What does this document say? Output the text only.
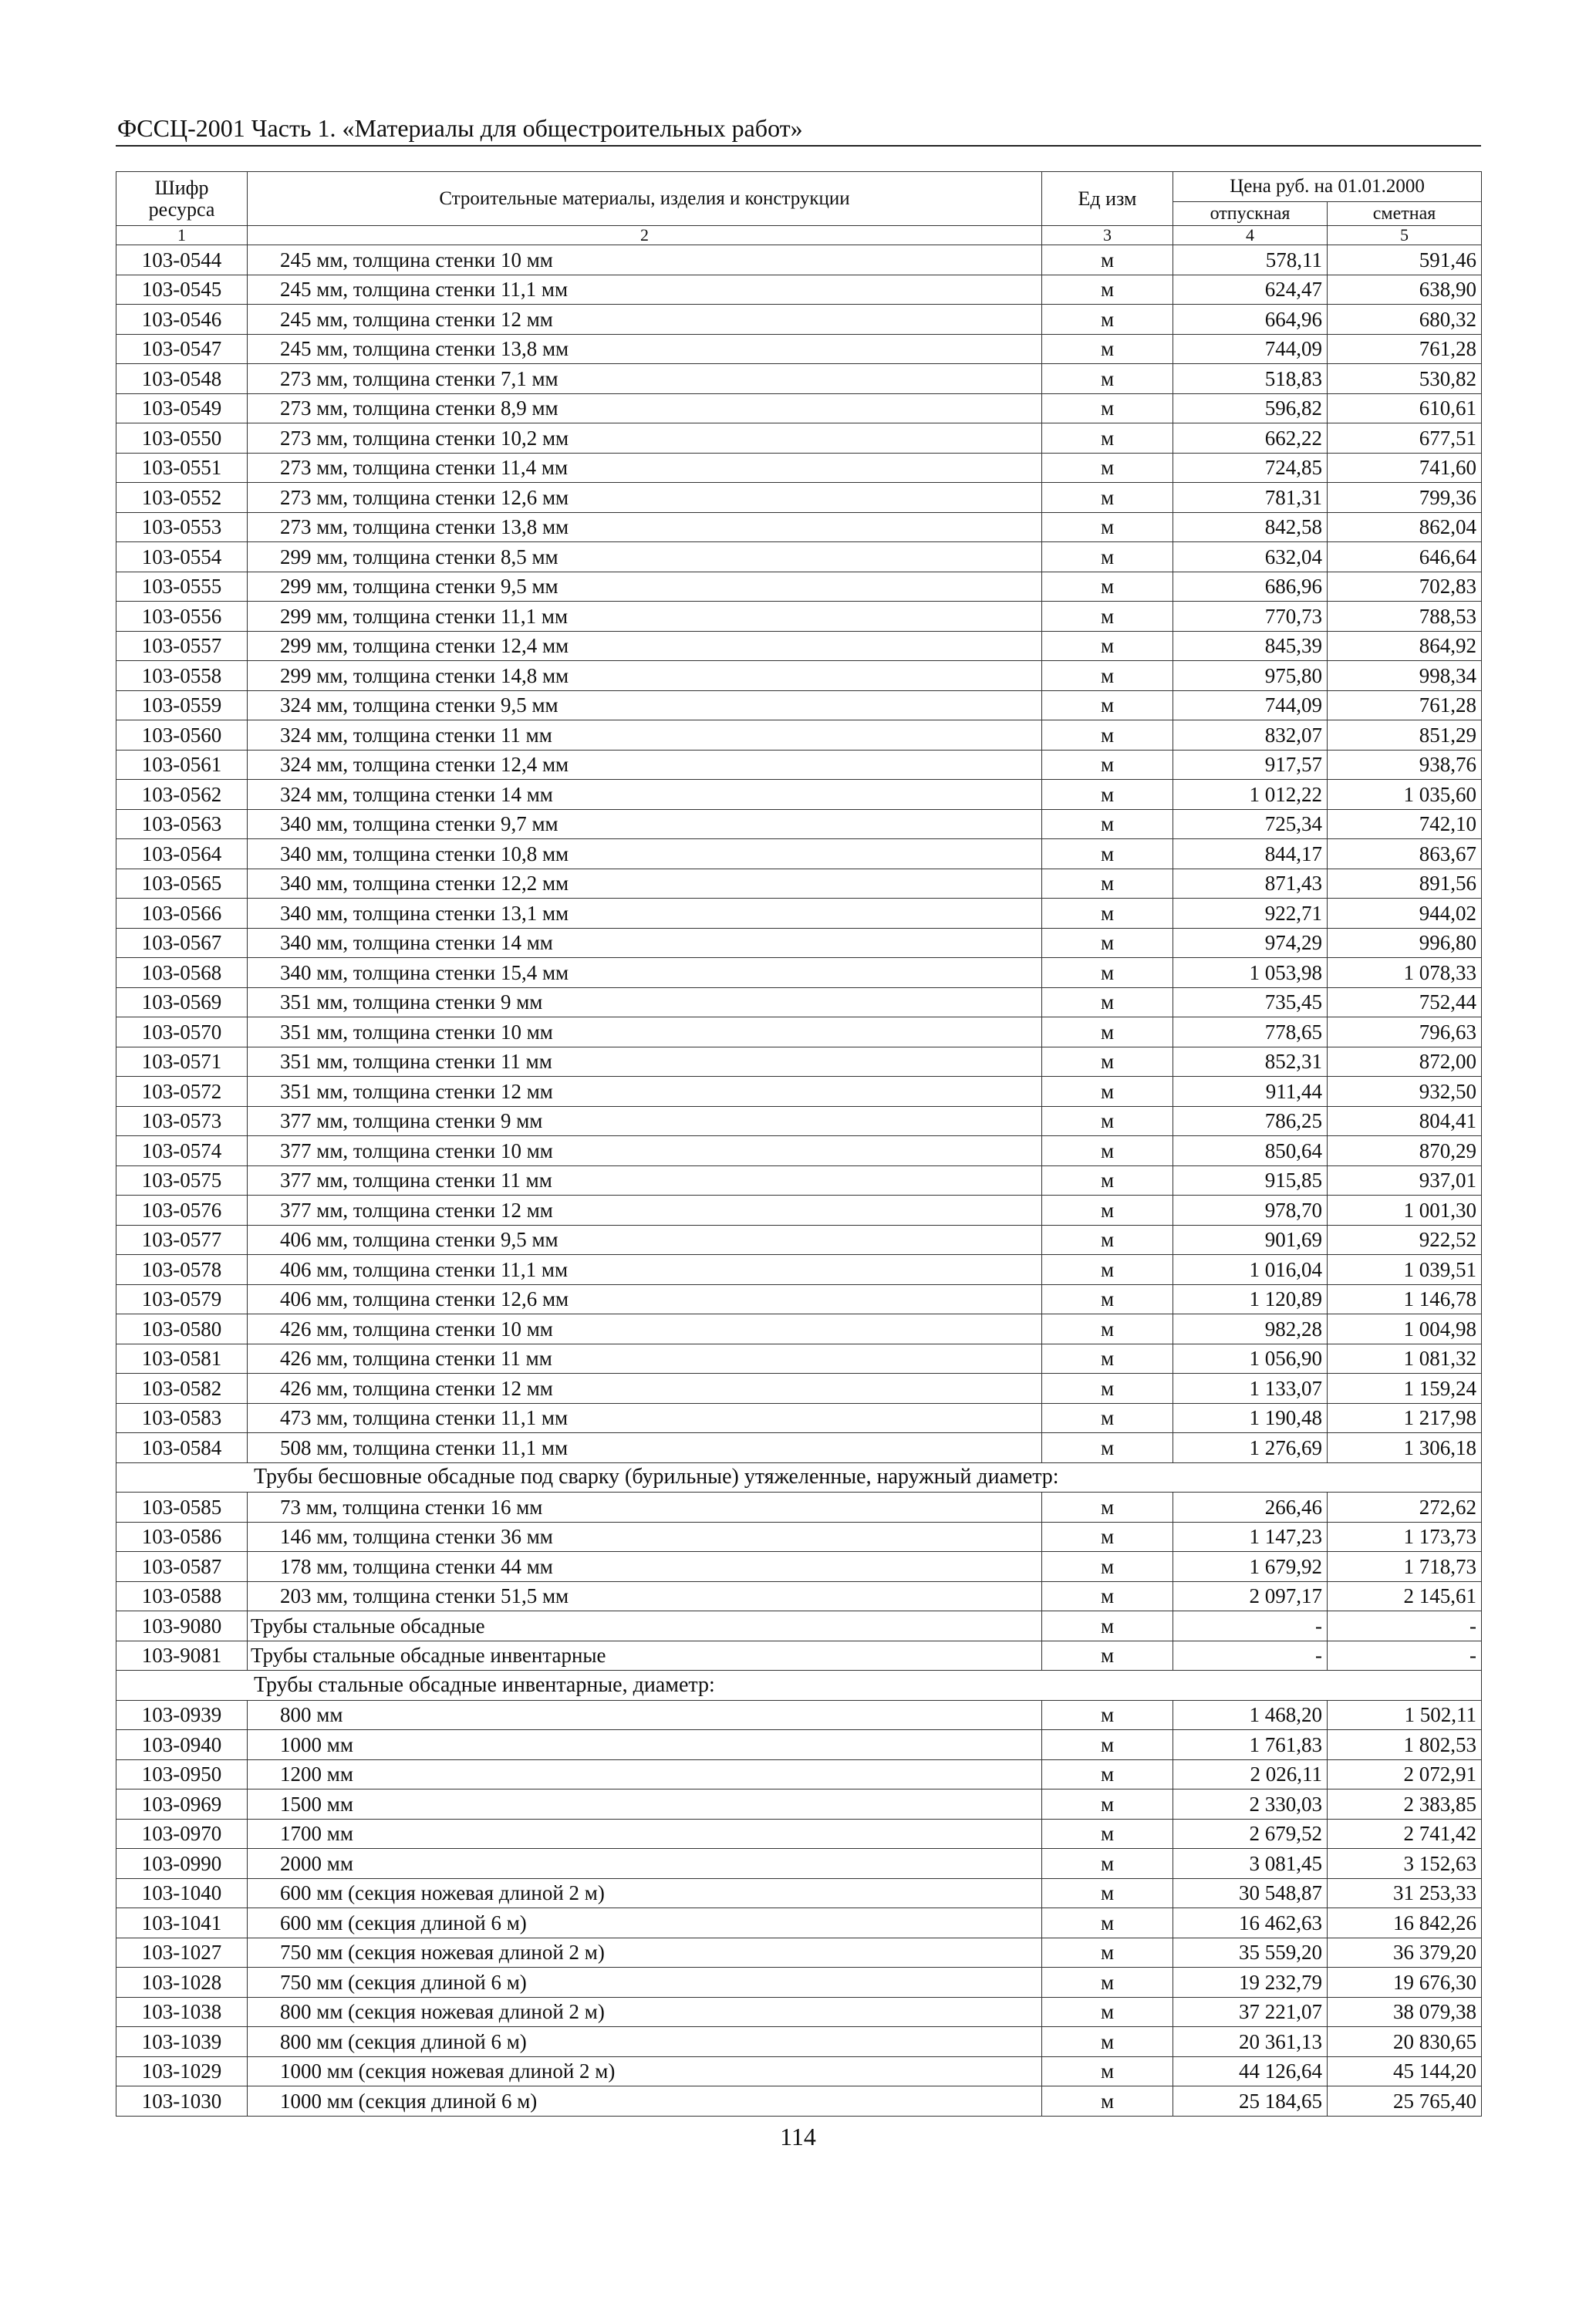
ФССЦ-2001 Часть 1. «Материалы для общестроительных работ»
Шифр ресурса	Строительные материалы, изделия и конструкции	Ед изм	Цена руб. на 01.01.2000	
			отпускная	сметная
1	2	3	4	5
103-0544	245 мм, толщина стенки 10 мм	м	578,11	591,46
103-0545	245 мм, толщина стенки 11,1 мм	м	624,47	638,90
103-0546	245 мм, толщина стенки 12 мм	м	664,96	680,32
103-0547	245 мм, толщина стенки 13,8 мм	м	744,09	761,28
103-0548	273 мм, толщина стенки 7,1 мм	м	518,83	530,82
103-0549	273 мм, толщина стенки 8,9 мм	м	596,82	610,61
103-0550	273 мм, толщина стенки 10,2 мм	м	662,22	677,51
103-0551	273 мм, толщина стенки 11,4 мм	м	724,85	741,60
103-0552	273 мм, толщина стенки 12,6 мм	м	781,31	799,36
103-0553	273 мм, толщина стенки 13,8 мм	м	842,58	862,04
103-0554	299 мм, толщина стенки 8,5 мм	м	632,04	646,64
103-0555	299 мм, толщина стенки 9,5 мм	м	686,96	702,83
103-0556	299 мм, толщина стенки 11,1 мм	м	770,73	788,53
103-0557	299 мм, толщина стенки 12,4 мм	м	845,39	864,92
103-0558	299 мм, толщина стенки 14,8 мм	м	975,80	998,34
103-0559	324 мм, толщина стенки 9,5 мм	м	744,09	761,28
103-0560	324 мм, толщина стенки 11 мм	м	832,07	851,29
103-0561	324 мм, толщина стенки 12,4 мм	м	917,57	938,76
103-0562	324 мм, толщина стенки 14 мм	м	1 012,22	1 035,60
103-0563	340 мм, толщина стенки 9,7 мм	м	725,34	742,10
103-0564	340 мм, толщина стенки 10,8 мм	м	844,17	863,67
103-0565	340 мм, толщина стенки 12,2 мм	м	871,43	891,56
103-0566	340 мм, толщина стенки 13,1 мм	м	922,71	944,02
103-0567	340 мм, толщина стенки 14 мм	м	974,29	996,80
103-0568	340 мм, толщина стенки 15,4 мм	м	1 053,98	1 078,33
103-0569	351 мм, толщина стенки 9 мм	м	735,45	752,44
103-0570	351 мм, толщина стенки 10 мм	м	778,65	796,63
103-0571	351 мм, толщина стенки 11 мм	м	852,31	872,00
103-0572	351 мм, толщина стенки 12 мм	м	911,44	932,50
103-0573	377 мм, толщина стенки 9 мм	м	786,25	804,41
103-0574	377 мм, толщина стенки 10 мм	м	850,64	870,29
103-0575	377 мм, толщина стенки 11 мм	м	915,85	937,01
103-0576	377 мм, толщина стенки 12 мм	м	978,70	1 001,30
103-0577	406 мм, толщина стенки 9,5 мм	м	901,69	922,52
103-0578	406 мм, толщина стенки 11,1 мм	м	1 016,04	1 039,51
103-0579	406 мм, толщина стенки 12,6 мм	м	1 120,89	1 146,78
103-0580	426 мм, толщина стенки 10 мм	м	982,28	1 004,98
103-0581	426 мм, толщина стенки 11 мм	м	1 056,90	1 081,32
103-0582	426 мм, толщина стенки 12 мм	м	1 133,07	1 159,24
103-0583	473 мм, толщина стенки 11,1 мм	м	1 190,48	1 217,98
103-0584	508 мм, толщина стенки 11,1 мм	м	1 276,69	1 306,18
Трубы бесшовные обсадные под сварку (бурильные) утяжеленные, наружный диаметр:				
103-0585	73 мм, толщина стенки 16 мм	м	266,46	272,62
103-0586	146 мм, толщина стенки 36 мм	м	1 147,23	1 173,73
103-0587	178 мм, толщина стенки 44 мм	м	1 679,92	1 718,73
103-0588	203 мм, толщина стенки 51,5 мм	м	2 097,17	2 145,61
103-9080	Трубы стальные обсадные	м	-	-
103-9081	Трубы стальные обсадные инвентарные	м	-	-
Трубы стальные обсадные инвентарные, диаметр:				
103-0939	800 мм	м	1 468,20	1 502,11
103-0940	1000 мм	м	1 761,83	1 802,53
103-0950	1200 мм	м	2 026,11	2 072,91
103-0969	1500 мм	м	2 330,03	2 383,85
103-0970	1700 мм	м	2 679,52	2 741,42
103-0990	2000 мм	м	3 081,45	3 152,63
103-1040	600 мм (секция ножевая длиной 2 м)	м	30 548,87	31 253,33
103-1041	600 мм (секция длиной 6 м)	м	16 462,63	16 842,26
103-1027	750 мм (секция ножевая длиной 2 м)	м	35 559,20	36 379,20
103-1028	750 мм (секция длиной 6 м)	м	19 232,79	19 676,30
103-1038	800 мм (секция ножевая длиной 2 м)	м	37 221,07	38 079,38
103-1039	800 мм (секция длиной 6 м)	м	20 361,13	20 830,65
103-1029	1000 мм (секция ножевая длиной 2 м)	м	44 126,64	45 144,20
103-1030	1000 мм (секция длиной 6 м)	м	25 184,65	25 765,40
114
